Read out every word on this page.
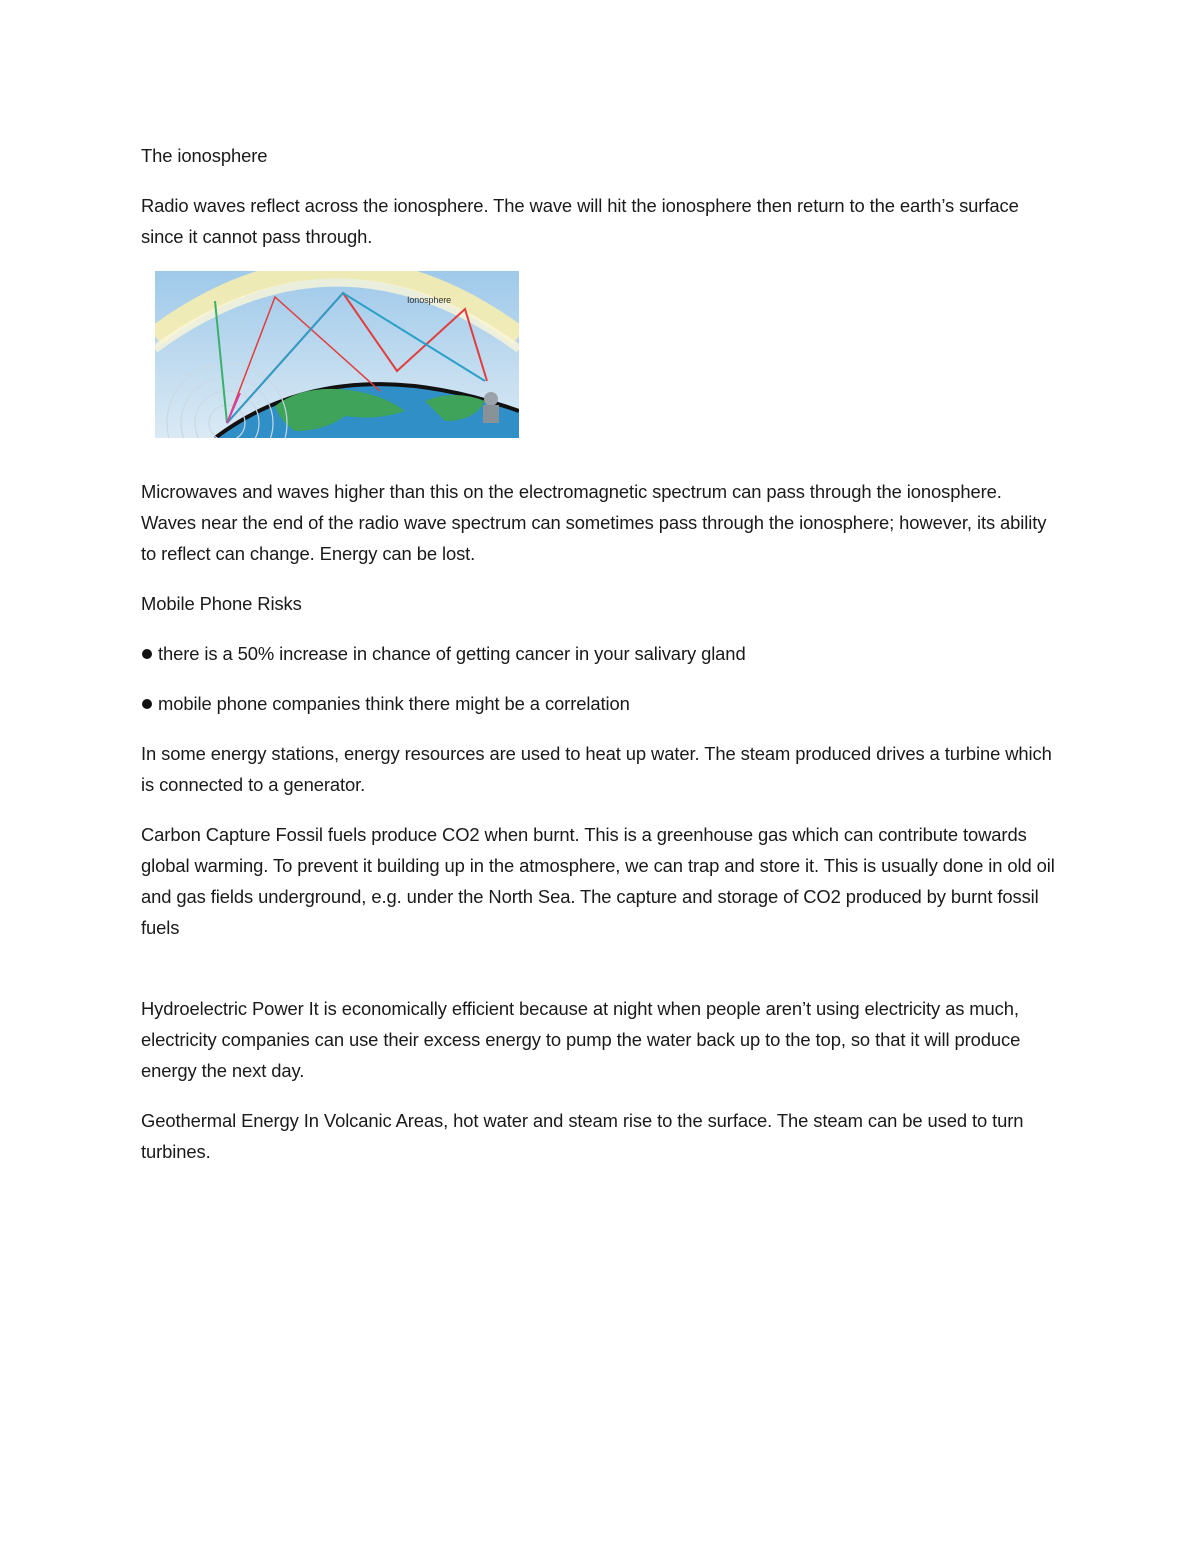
The ionosphere

Radio waves reflect across the ionosphere. The wave will hit the ionosphere then return to the earth’s surface since it cannot pass through.

Ionosphere

Microwaves and waves higher than this on the electromagnetic spectrum can pass through the ionosphere. Waves near the end of the radio wave spectrum can sometimes pass through the ionosphere; however, its ability to reflect can change. Energy can be lost.

Mobile Phone Risks

there is a 50% increase in chance of getting cancer in your salivary gland

mobile phone companies think there might be a correlation

In some energy stations, energy resources are used to heat up water. The steam produced drives a turbine which is connected to a generator.

Carbon Capture Fossil fuels produce CO2 when burnt. This is a greenhouse gas which can contribute towards global warming. To prevent it building up in the atmosphere, we can trap and store it. This is usually done in old oil and gas fields underground, e.g. under the North Sea. The capture and storage of CO2 produced by burnt fossil fuels

Hydroelectric Power It is economically efficient because at night when people aren’t using electricity as much, electricity companies can use their excess energy to pump the water back up to the top, so that it will produce energy the next day.

Geothermal Energy In Volcanic Areas, hot water and steam rise to the surface. The steam can be used to turn turbines.
